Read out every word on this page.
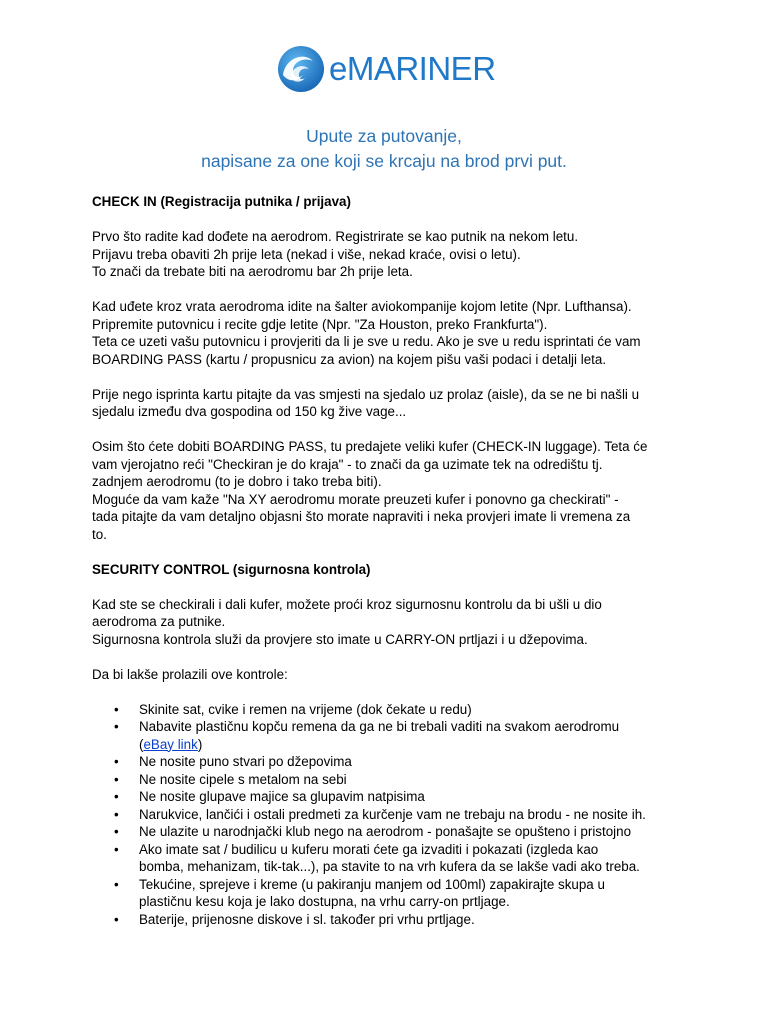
eMARINER
Upute za putovanje,
napisane za one koji se krcaju na brod prvi put.

CHECK IN (Registracija putnika / prijava)

Prvo što radite kad dođete na aerodrom. Registrirate se kao putnik na nekom letu.

Prijavu treba obaviti 2h prije leta (nekad i više, nekad kraće, ovisi o letu).

To znači da trebate biti na aerodromu bar 2h prije leta.

Kad uđete kroz vrata aerodroma idite na šalter aviokompanije kojom letite (Npr. Lufthansa).

Pripremite putovnicu i recite gdje letite (Npr. "Za Houston, preko Frankfurta").

Teta ce uzeti vašu putovnicu i provjeriti da li je sve u redu. Ako je sve u redu isprintati će vam

BOARDING PASS (kartu / propusnicu za avion) na kojem pišu vaši podaci i detalji leta.

Prije nego isprinta kartu pitajte da vas smjesti na sjedalo uz prolaz (aisle), da se ne bi našli u

sjedalu između dva gospodina od 150 kg žive vage...

Osim što ćete dobiti BOARDING PASS, tu predajete veliki kufer (CHECK-IN luggage). Teta će

vam vjerojatno reći "Checkiran je do kraja" - to znači da ga uzimate tek na odredištu tj.

zadnjem aerodromu (to je dobro i tako treba biti).

Moguće da vam kaže "Na XY aerodromu morate preuzeti kufer i ponovno ga checkirati" -

tada pitajte da vam detaljno objasni što morate napraviti i neka provjeri imate li vremena za

to.

SECURITY CONTROL (sigurnosna kontrola)

Kad ste se checkirali i dali kufer, možete proći kroz sigurnosnu kontrolu da bi ušli u dio

aerodroma za putnike.

Sigurnosna kontrola služi da provjere sto imate u CARRY-ON prtljazi i u džepovima.

Da bi lakše prolazili ove kontrole:

• Skinite sat, cvike i remen na vrijeme (dok čekate u redu)
• Nabavite plastičnu kopču remena da ga ne bi trebali vaditi na svakom aerodromu
(eBay link)
• Ne nosite puno stvari po džepovima
• Ne nosite cipele s metalom na sebi
• Ne nosite glupave majice sa glupavim natpisima
• Narukvice, lančići i ostali predmeti za kurčenje vam ne trebaju na brodu - ne nosite ih.
• Ne ulazite u narodnjački klub nego na aerodrom - ponašajte se opušteno i pristojno
• Ako imate sat / budilicu u kuferu morati ćete ga izvaditi i pokazati (izgleda kao
bomba, mehanizam, tik-tak...), pa stavite to na vrh kufera da se lakše vadi ako treba.
• Tekućine, sprejeve i kreme (u pakiranju manjem od 100ml) zapakirajte skupa u
plastičnu kesu koja je lako dostupna, na vrhu carry-on prtljage.
• Baterije, prijenosne diskove i sl. također pri vrhu prtljage.
